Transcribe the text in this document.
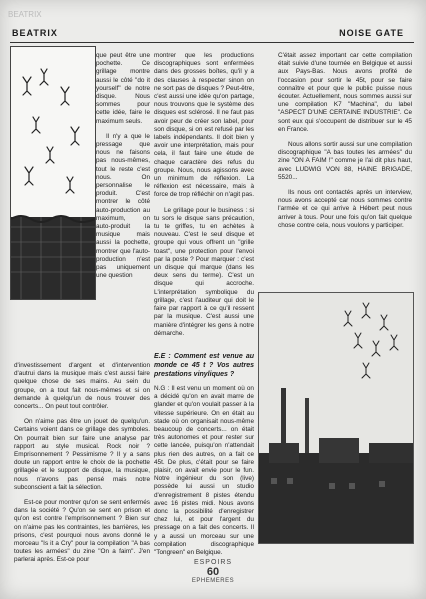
BEATRIX
BEATRIX	NOISE GATE

que peut être une pochette. Ce grillage montre aussi le côté "do it yourself" de notre disque. Nous sommes pour cette idée, faire le maximum seuls.

Il n'y a que le pressage que nous ne faisons pas nous-mêmes, tout le reste c'est nous. On personnalise le produit. C'est montrer le côté auto-production au maximum, on auto-produit la musique mais aussi la pochette, montrer que l'auto-production n'est pas uniquement une question

d'investissement d'argent et d'intervention d'autrui dans la musique mais c'est aussi faire quelque chose de ses mains. Au sein du groupe, on a tout fait nous-mêmes et si on demande à quelqu'un de nous trouver des concerts... On peut tout contrôler.

On n'aime pas être un jouet de quelqu'un. Certains voient dans ce grillage des symboles. On pourrait bien sur faire une analyse par rapport au style musical. Rock noir ? Emprisonnement ? Pessimisme ? Il y a sans doute un rapport entre le choix de la pochette grillagée et le support de disque, la musique, nous n'avons pas pensé mais notre subconscient a fait la sélection.

Est-ce pour montrer qu'on se sent enfermés dans la société ? Qu'on se sent en prison et qu'on est contre l'emprisonnement ? Bien sur on n'aime pas les contraintes, les barrières, les prisons, c'est pourquoi nous avons donné le morceau "Is it a Cry" pour la compilation "A bas toutes les armées" du zine "On a faim". J'en parlerai après. Est-ce pour

montrer que les productions discographiques sont enfermées dans des grosses boîtes, qu'il y a des clauses à respecter sinon on ne sort pas de disques ? Peut-être, c'est aussi une idée qu'on partage, nous trouvons que le système des disques est sclérosé. Il ne faut pas avoir peur de créer son label, pour son disque, si on est refusé par les labels indépendants. Il doit bien y avoir une interprétation, mais pour cela, il faut faire une étude de chaque caractère des refus du groupe. Nous, nous agissons avec un minimum de réflexion. La réflexion est nécessaire, mais à force de trop réfléchir on n'agit pas.

Le grillage pour le business : si tu sors le disque sans précaution, tu te griffes, tu en achètes à nouveau. C'est le seul disque et groupe qui vous offrent un "grille toast", une protection pour l'envoi par la poste ? Pour marquer : c'est un disque qui marque (dans les deux sens du terme). C'est un disque qui accroche. L'interprétation symbolique du grillage, c'est l'auditeur qui doit le faire par rapport à ce qu'il ressent par la musique. C'est aussi une manière d'intégrer les gens à notre démarche.

E.E : Comment est venue au monde ce 45 t ? Vos autres prestations vinyliques ?

N.G : Il est venu un moment où on a décidé qu'on en avait marre de glander et qu'on voulait passer à la vitesse supérieure. On en était au stade où on organisait nous-même beaucoup de concerts... on était très autonomes et pour rester sur cette lancée, puisqu'on n'attendait plus rien des autres, on a fait ce 45t. De plus, c'était pour se faire plaisir, on avait envie pour le fun. Notre ingénieur du son (live) possède lui aussi un studio d'enregistrement 8 pistes étendu avec 16 pistes midi. Nous avons donc la possibilité d'enregistrer chez lui, et pour l'argent du pressage on a fait des concerts. Il y a aussi un morceau sur une compilation discographique "Tongreen" en Belgique.

C'était assez important car cette compilation était suivie d'une tournée en Belgique et aussi aux Pays-Bas. Nous avons profité de l'occasion pour sortir le 45t, pour se faire connaître et pour que le public puisse nous écouter. Actuellement, nous sommes aussi sur une compilation K7 "Machina", du label "ASPECT D'UNE CERTAINE INDUSTRIE". Ce sont eux qui s'occupent de distribuer sur le 45 en France.

Nous allons sortir aussi sur une compilation discographique "A bas toutes les armées" du zine "ON A FAIM !" comme je l'ai dit plus haut, avec LUDWIG VON 88, HAINE BRIGADE, 5520...

Ils nous ont contactés après un interview, nous avons accepté car nous sommes contre l'armée et ce qui arrive à Hébert peut nous arriver à tous. Pour une fois qu'on fait quelque chose contre cela, nous voulons y participer.

ESPOIRS
60
EPHEMERES
